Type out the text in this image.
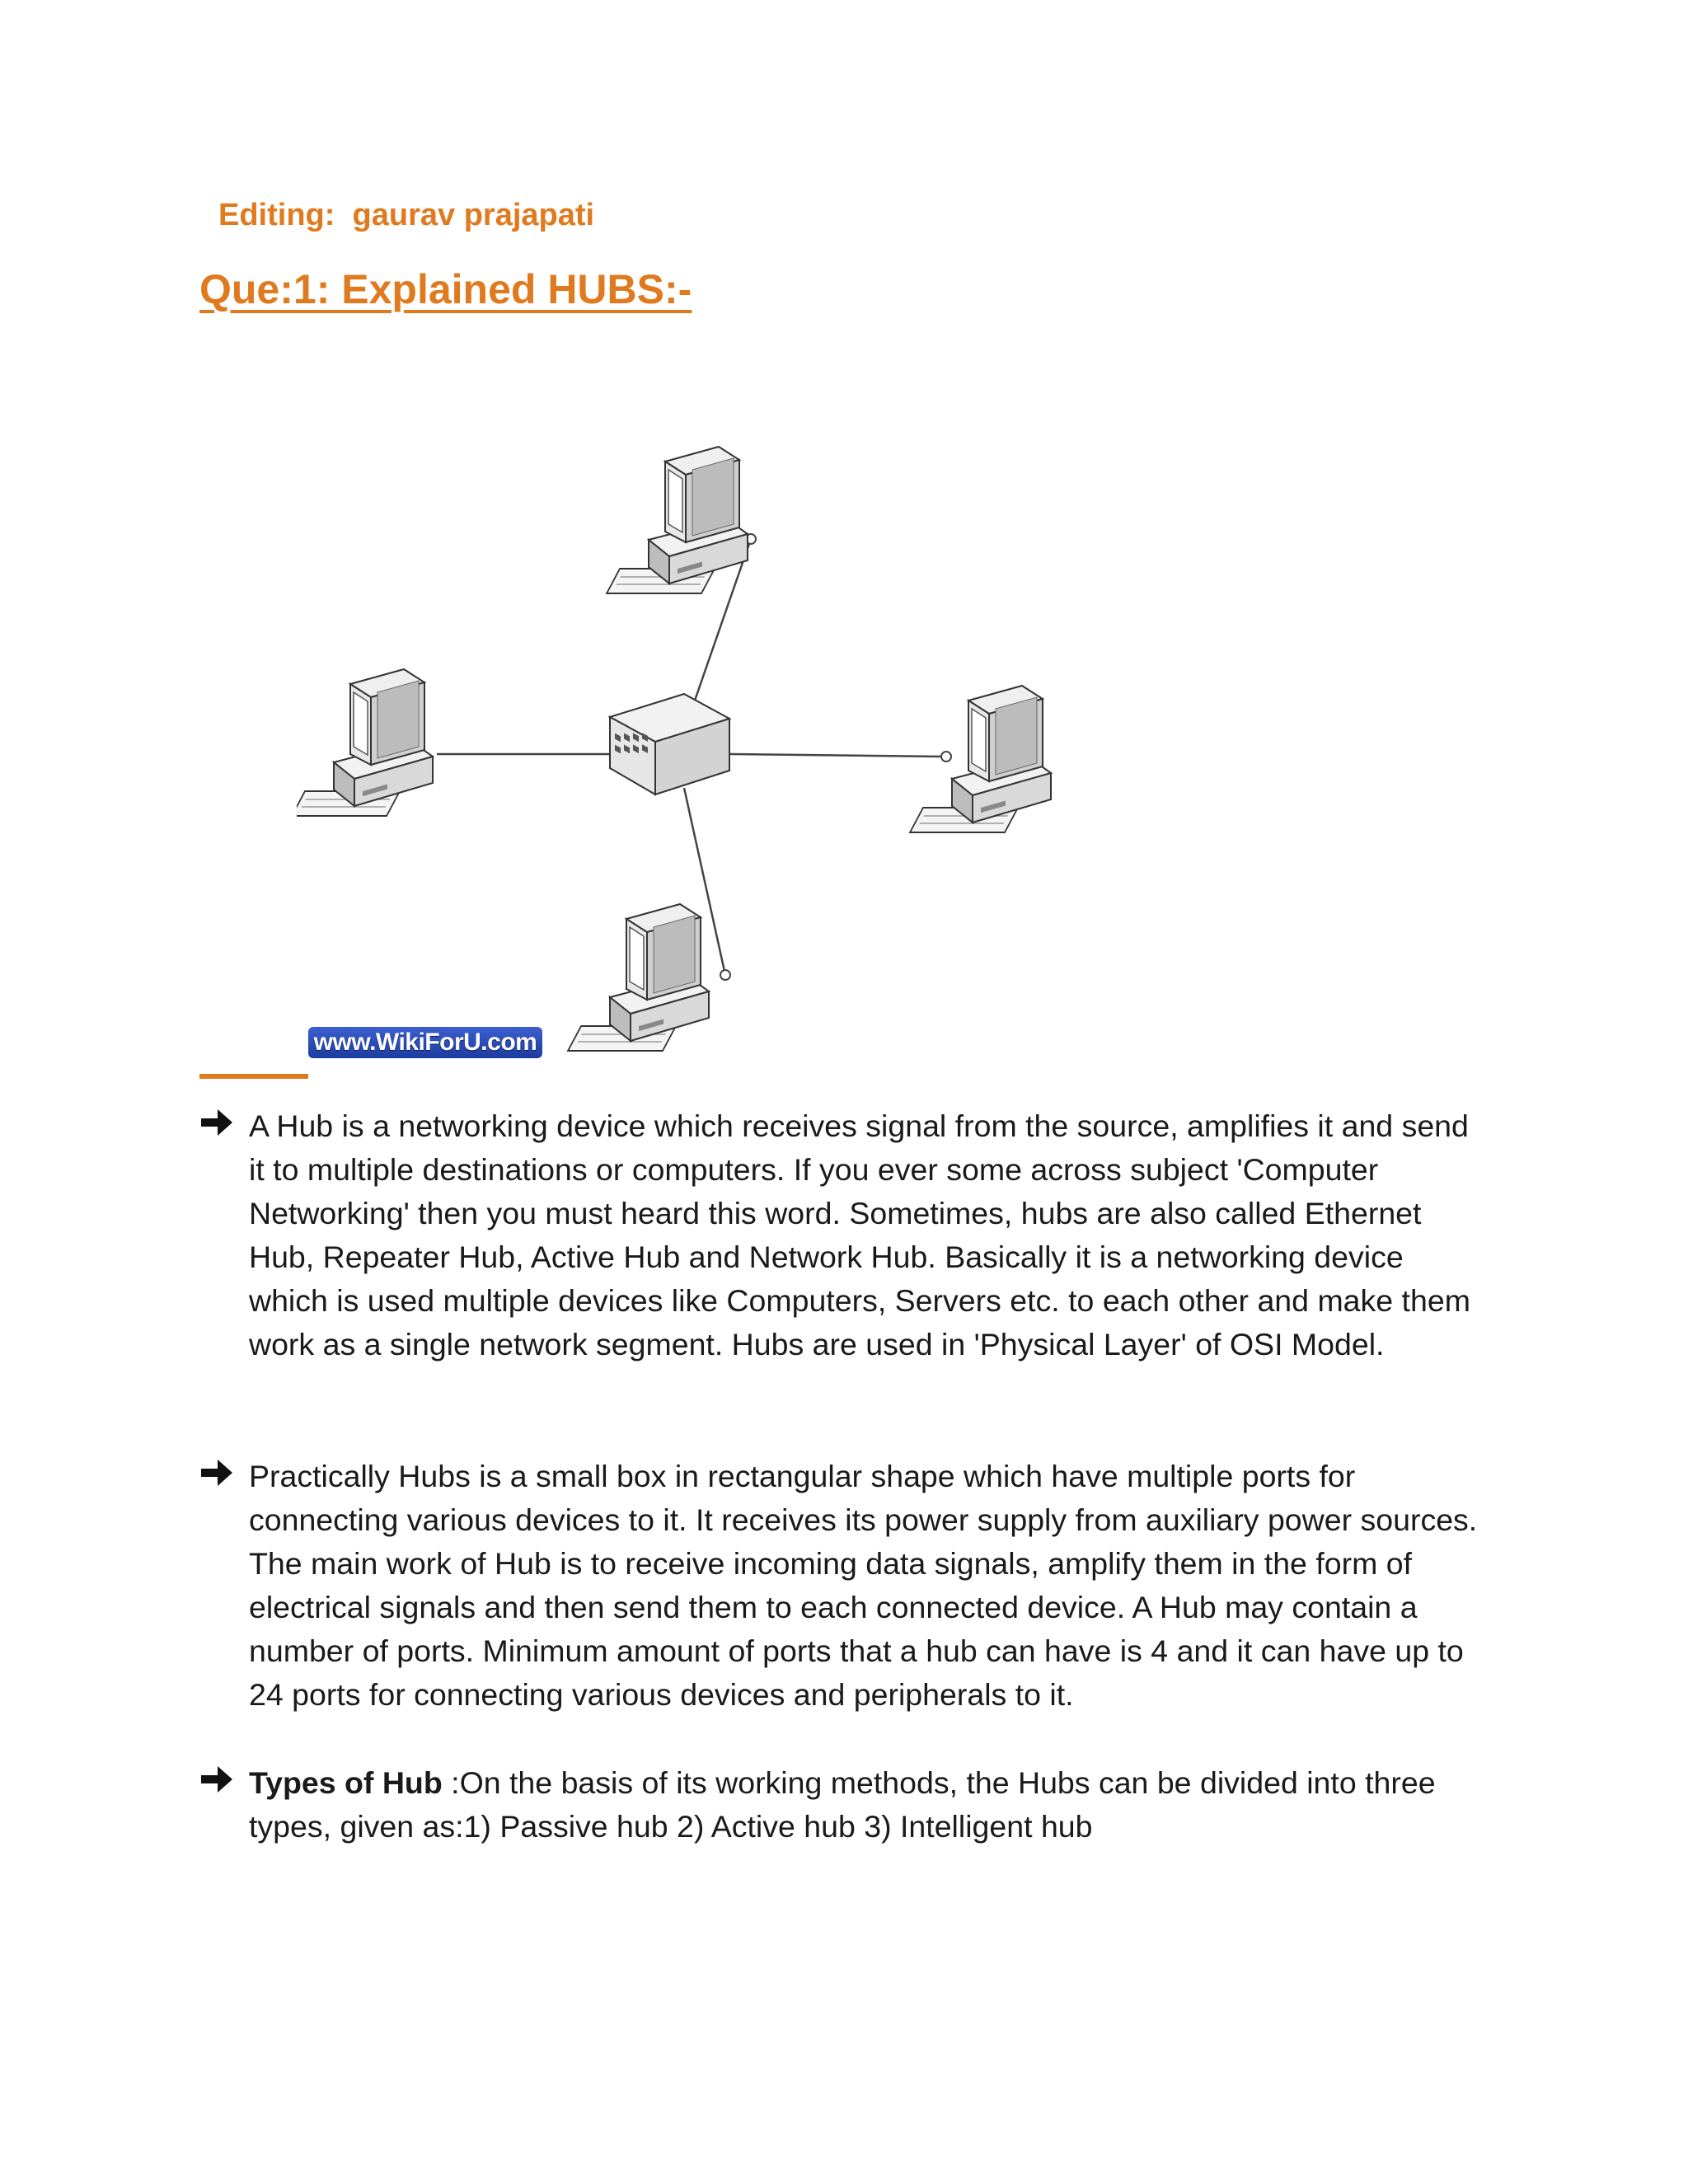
Editing:  gaurav prajapati
Que:1: Explained HUBS:-
www.WikiForU.com
A Hub is a networking device which receives signal from the source, amplifies it and send it to multiple destinations or computers. If you ever some across subject 'Computer Networking' then you must heard this word. Sometimes, hubs are also called Ethernet Hub, Repeater Hub, Active Hub and Network Hub. Basically it is a networking device which is used multiple devices like Computers, Servers etc. to each other and make them work as a single network segment. Hubs are used in 'Physical Layer' of OSI Model.
Practically Hubs is a small box in rectangular shape which have multiple ports for connecting various devices to it. It receives its power supply from auxiliary power sources. The main work of Hub is to receive incoming data signals, amplify them in the form of electrical signals and then send them to each connected device. A Hub may contain a number of ports. Minimum amount of ports that a hub can have is 4 and it can have up to 24 ports for connecting various devices and peripherals to it.
Types of Hub :On the basis of its working methods, the Hubs can be divided into three types, given as:1) Passive hub 2) Active hub 3) Intelligent hub
